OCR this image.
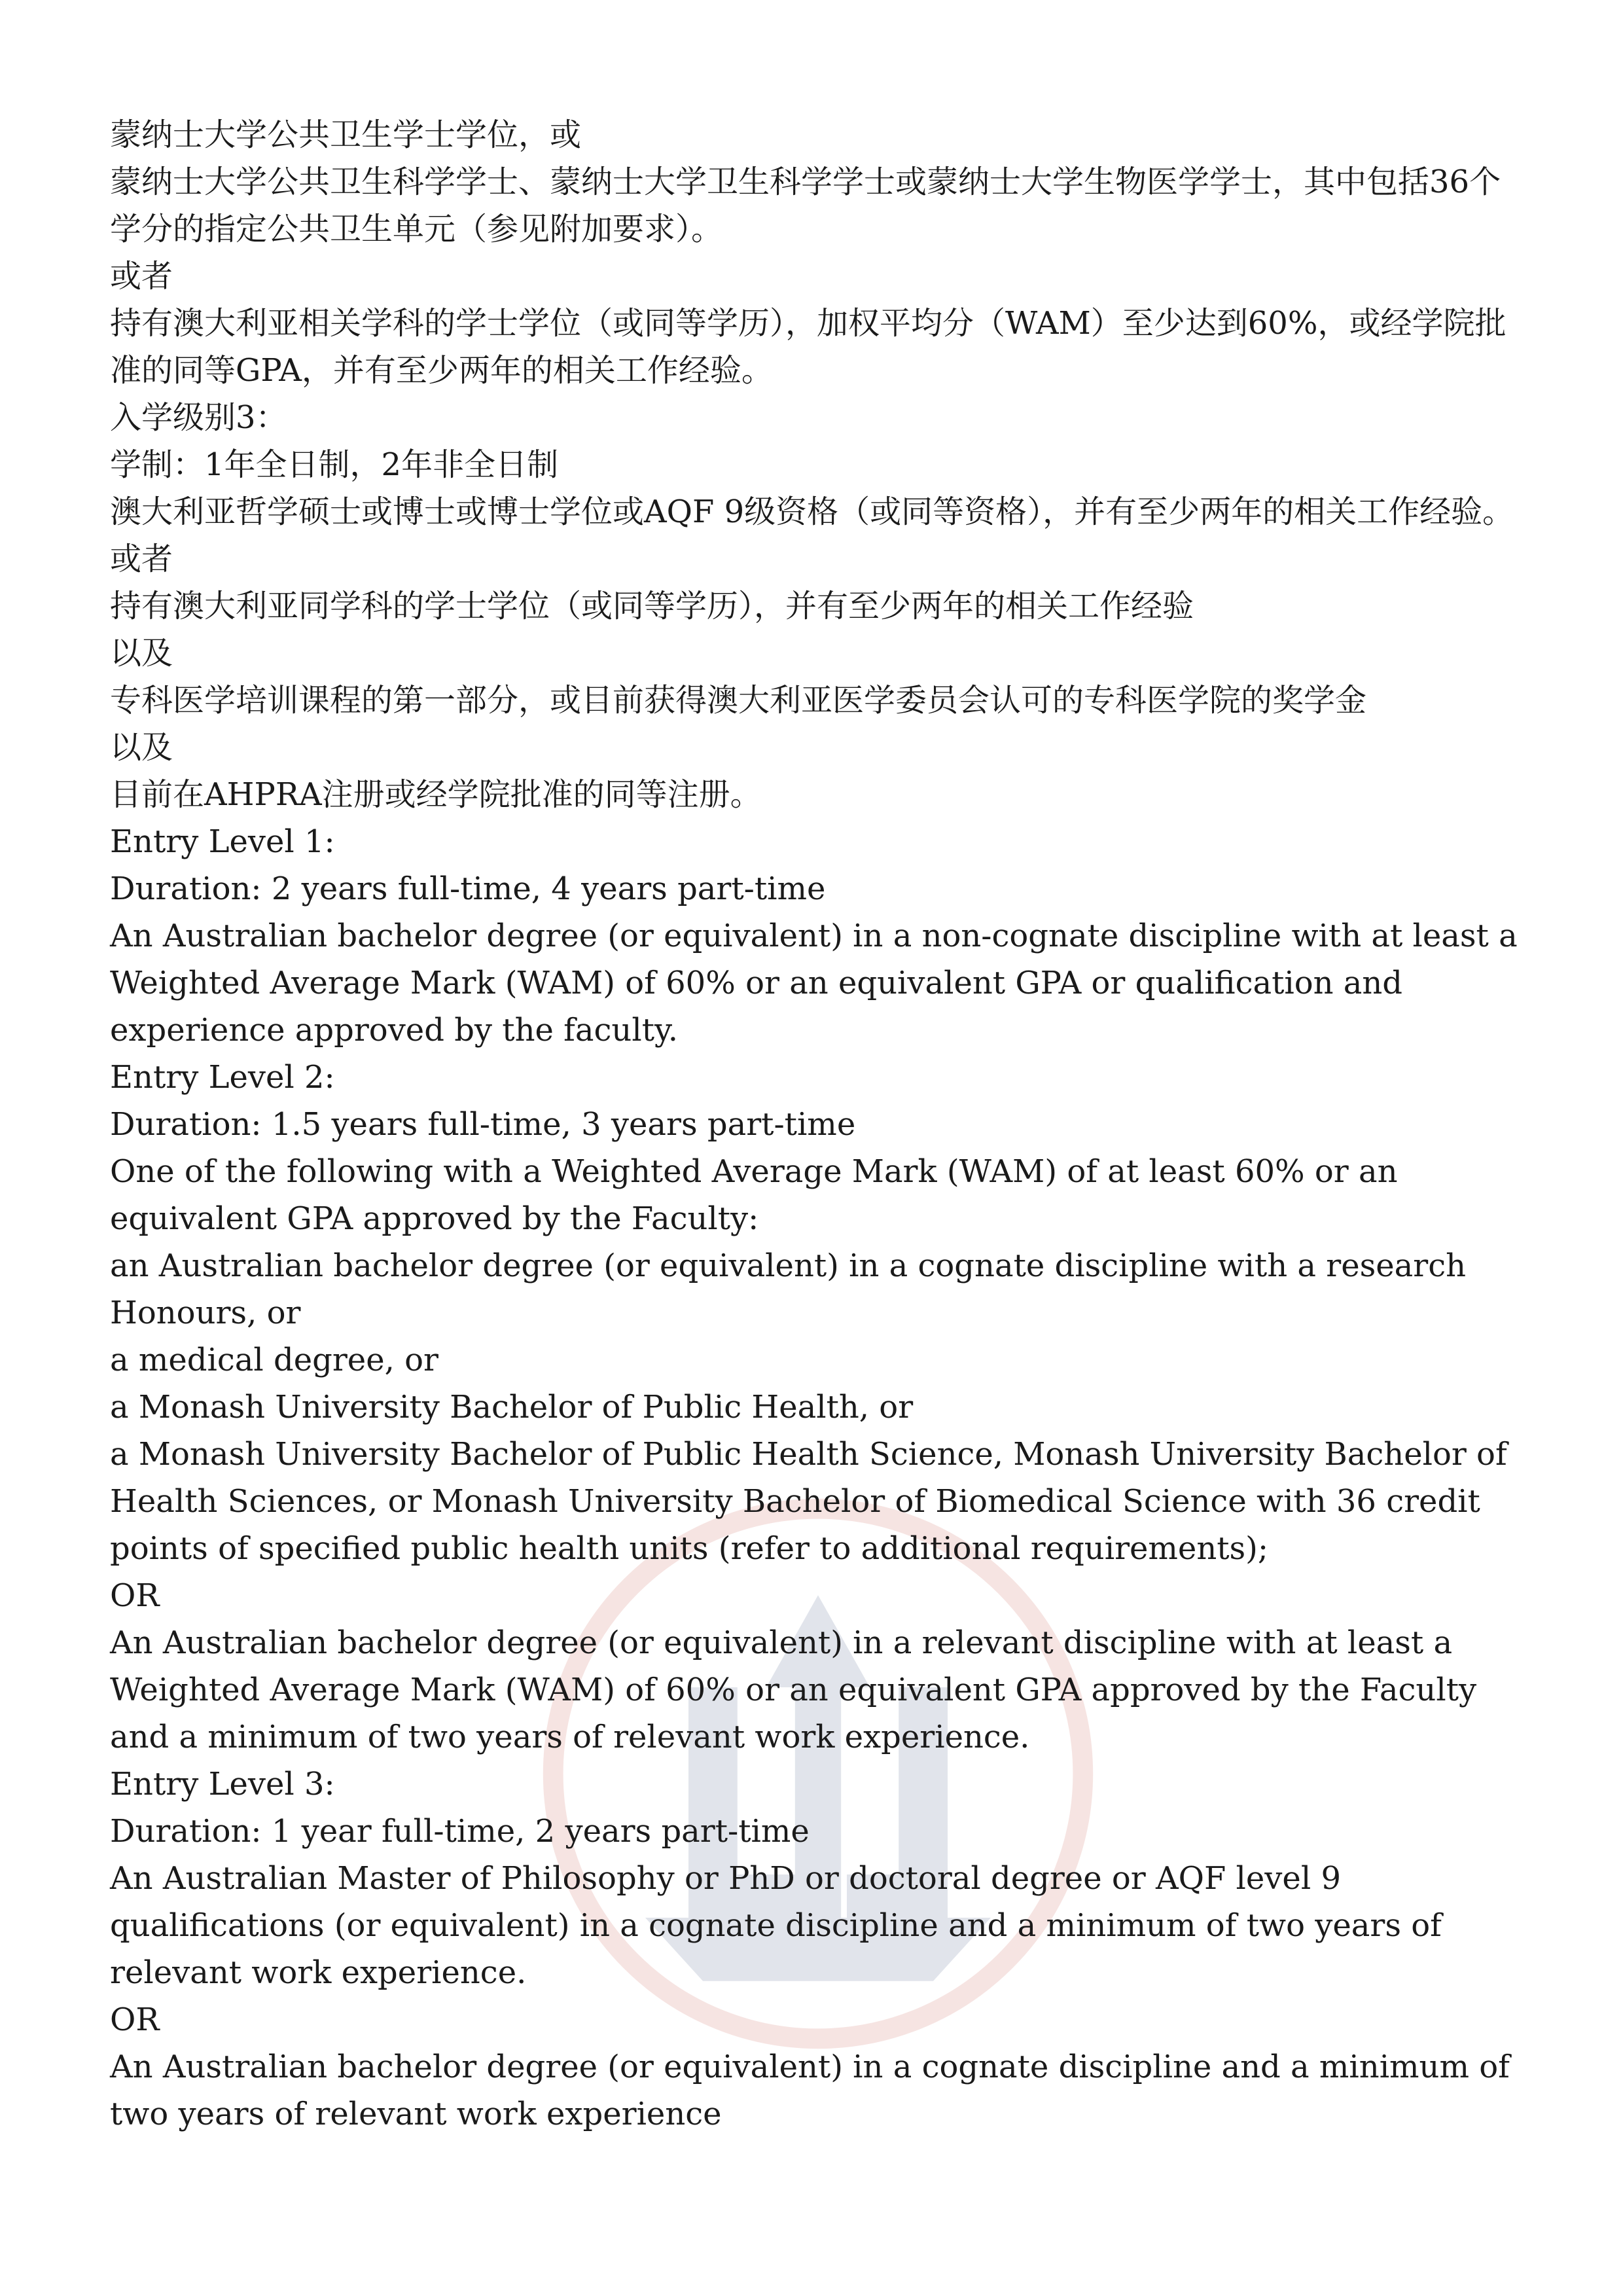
蒙纳士大学公共卫生学士学位，或

蒙纳士大学公共卫生科学学士、蒙纳士大学卫生科学学士或蒙纳士大学生物医学学士，其中包括36个学分的指定公共卫生单元（参见附加要求）。

或者

持有澳大利亚相关学科的学士学位（或同等学历），加权平均分（WAM）至少达到60%，或经学院批准的同等GPA，并有至少两年的相关工作经验。

入学级别3：

学制：1年全日制，2年非全日制

澳大利亚哲学硕士或博士或博士学位或AQF 9级资格（或同等资格），并有至少两年的相关工作经验。

或者

持有澳大利亚同学科的学士学位（或同等学历），并有至少两年的相关工作经验

以及

专科医学培训课程的第一部分，或目前获得澳大利亚医学委员会认可的专科医学院的奖学金

以及

目前在AHPRA注册或经学院批准的同等注册。

Entry Level 1:

Duration: 2 years full-time, 4 years part-time

An Australian bachelor degree (or equivalent) in a non-cognate discipline with at least a Weighted Average Mark (WAM) of 60% or an equivalent GPA or qualification and experience approved by the faculty.

Entry Level 2:

Duration: 1.5 years full-time, 3 years part-time

One of the following with a Weighted Average Mark (WAM) of at least 60% or an equivalent GPA approved by the Faculty:

an Australian bachelor degree (or equivalent) in a cognate discipline with a research Honours, or

a medical degree, or

a Monash University Bachelor of Public Health, or

a Monash University Bachelor of Public Health Science, Monash University Bachelor of Health Sciences, or Monash University Bachelor of Biomedical Science with 36 credit points of specified public health units (refer to additional requirements);

OR

An Australian bachelor degree (or equivalent) in a relevant discipline with at least a Weighted Average Mark (WAM) of 60% or an equivalent GPA approved by the Faculty and a minimum of two years of relevant work experience.

Entry Level 3:

Duration: 1 year full-time, 2 years part-time

An Australian Master of Philosophy or PhD or doctoral degree or AQF level 9 qualifications (or equivalent) in a cognate discipline and a minimum of two years of relevant work experience.

OR

An Australian bachelor degree (or equivalent) in a cognate discipline and a minimum of two years of relevant work experience
